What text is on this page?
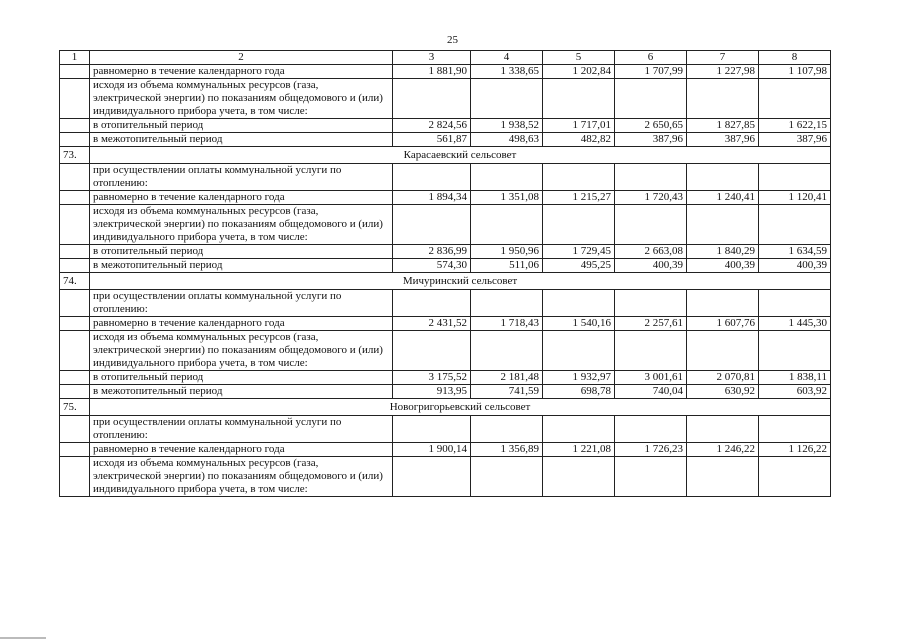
25
1	2	3	4	5	6	7	8
	равномерно в течение календарного года	1 881,90	1 338,65	1 202,84	1 707,99	1 227,98	1 107,98
	исходя из объема коммунальных ресурсов (газа, электрической энергии) по показаниям общедомового и (или) индивидуального прибора учета, в том числе:						
	в отопительный период	2 824,56	1 938,52	1 717,01	2 650,65	1 827,85	1 622,15
	в межотопительный период	561,87	498,63	482,82	387,96	387,96	387,96
73.	Карасаевский сельсовет						
	при осуществлении оплаты коммунальной услуги по отоплению:						
	равномерно в течение календарного года	1 894,34	1 351,08	1 215,27	1 720,43	1 240,41	1 120,41
	исходя из объема коммунальных ресурсов (газа, электрической энергии) по показаниям общедомового и (или) индивидуального прибора учета, в том числе:						
	в отопительный период	2 836,99	1 950,96	1 729,45	2 663,08	1 840,29	1 634,59
	в межотопительный период	574,30	511,06	495,25	400,39	400,39	400,39
74.	Мичуринский сельсовет						
	при осуществлении оплаты коммунальной услуги по отоплению:						
	равномерно в течение календарного года	2 431,52	1 718,43	1 540,16	2 257,61	1 607,76	1 445,30
	исходя из объема коммунальных ресурсов (газа, электрической энергии) по показаниям общедомового и (или) индивидуального прибора учета, в том числе:						
	в отопительный период	3 175,52	2 181,48	1 932,97	3 001,61	2 070,81	1 838,11
	в межотопительный период	913,95	741,59	698,78	740,04	630,92	603,92
75.	Новогригорьевский сельсовет						
	при осуществлении оплаты коммунальной услуги по отоплению:						
	равномерно в течение календарного года	1 900,14	1 356,89	1 221,08	1 726,23	1 246,22	1 126,22
	исходя из объема коммунальных ресурсов (газа, электрической энергии) по показаниям общедомового и (или) индивидуального прибора учета, в том числе:						
